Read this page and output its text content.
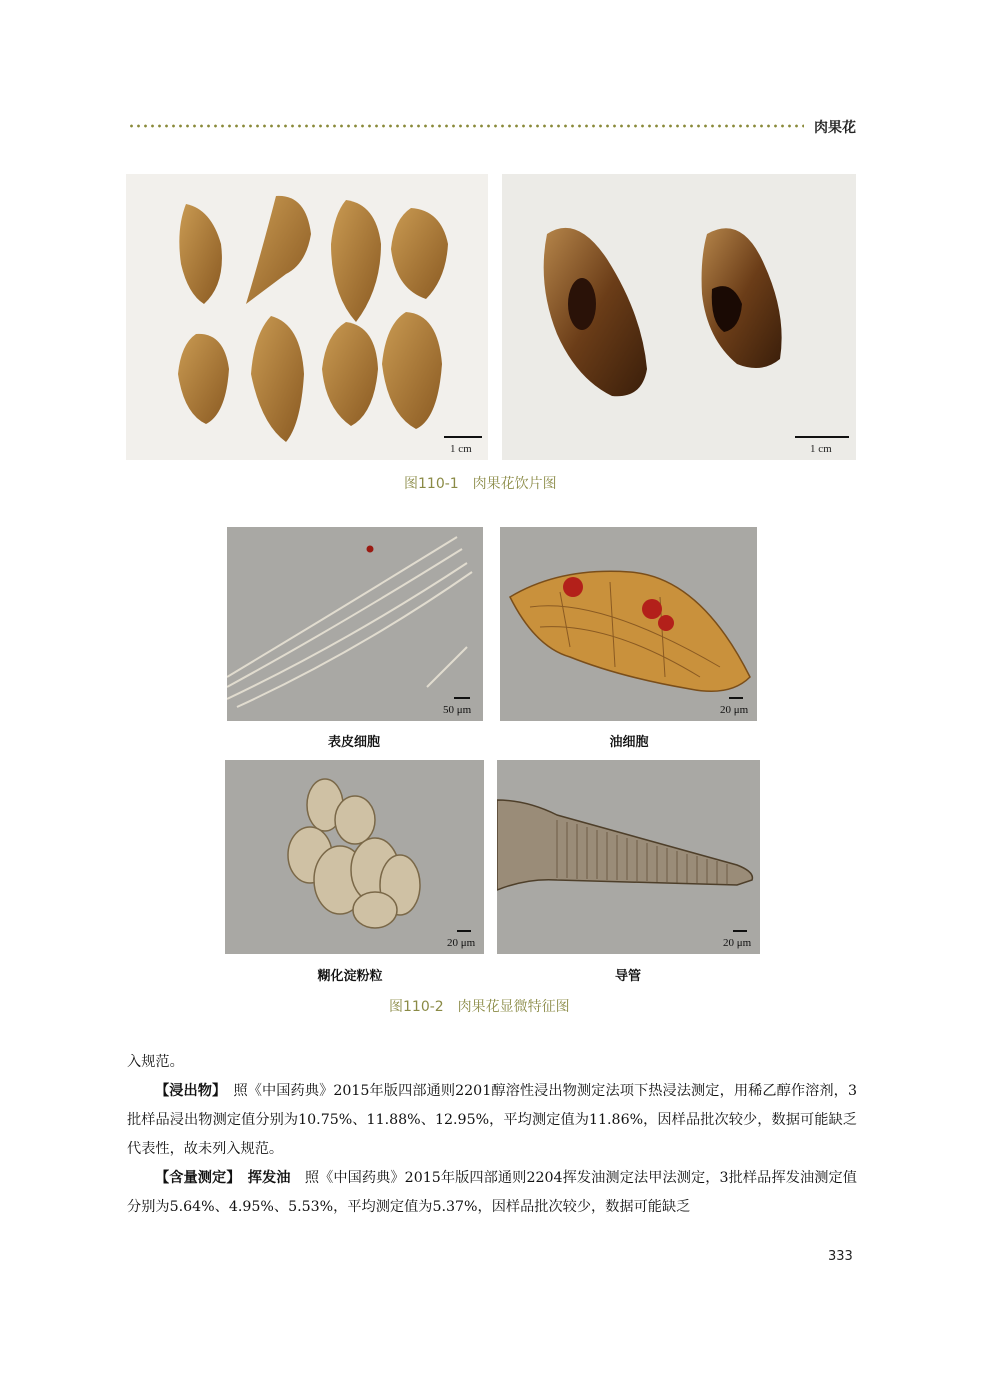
肉果花
1 cm	1 cm
图110-1　肉果花饮片图
50 μm
表皮细胞
20 μm
油细胞
20 μm
糊化淀粉粒
20 μm
导管
图110-2　肉果花显微特征图

入规范。

【浸出物】　 照《中国药典》2015年版四部通则2201醇溶性浸出物测定法项下热浸法测定，用稀乙醇作溶剂，3批样品浸出物测定值分别为10.75%、11.88%、12.95%，平均测定值为11.86%，因样品批次较少，数据可能缺乏代表性，故未列入规范。

【含量测定】　 挥发油　 照《中国药典》2015年版四部通则2204挥发油测定法甲法测定，3批样品挥发油测定值分别为5.64%、4.95%、5.53%，平均测定值为5.37%，因样品批次较少，数据可能缺乏

333
